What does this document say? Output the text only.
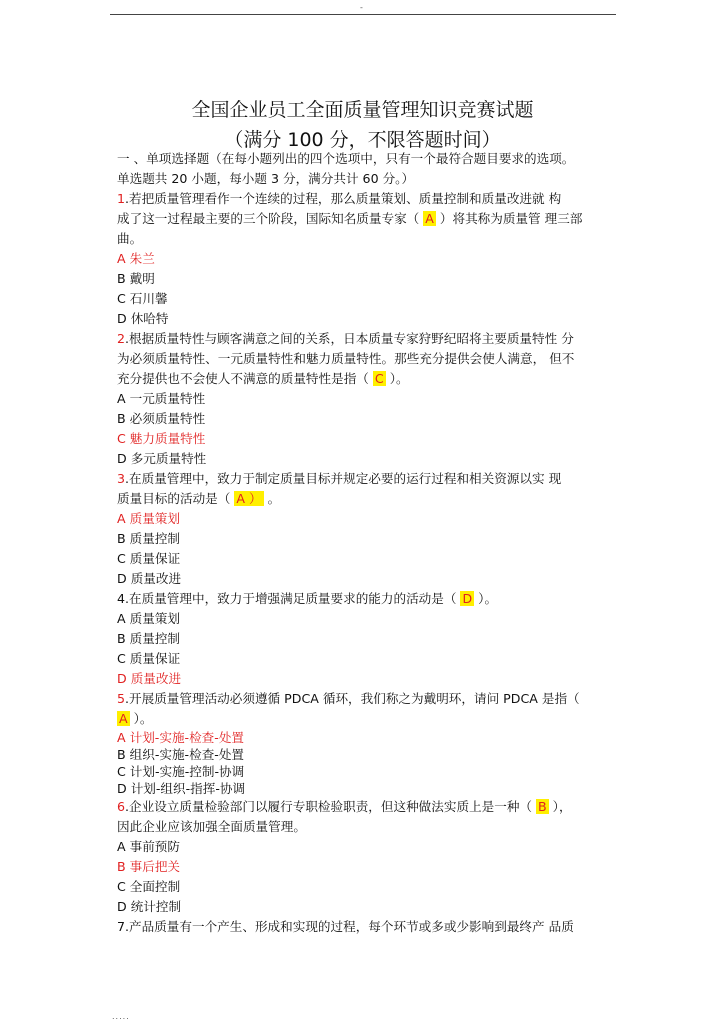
-
全国企业员工全面质量管理知识竞赛试题
（满分 100 分，不限答题时间）
一 、单项选择题（在每小题列出的四个选项中，只有一个最符合题目要求的选项。
单选题共 20 小题，每小题 3 分，满分共计 60 分。）
1.若把质量管理看作一个连续的过程，那么质量策划、质量控制和质量改进就 构
成了这一过程最主要的三个阶段，国际知名质量专家（ A ）将其称为质量管 理三部
曲。
A 朱兰
B 戴明
C 石川馨
D 休哈特
2.根据质量特性与顾客满意之间的关系，日本质量专家狩野纪昭将主要质量特性 分
为必须质量特性、一元质量特性和魅力质量特性。那些充分提供会使人满意， 但不
充分提供也不会使人不满意的质量特性是指（ C ）。
A 一元质量特性
B 必须质量特性
C 魅力质量特性
D 多元质量特性
3.在质量管理中，致力于制定质量目标并规定必要的运行过程和相关资源以实 现
质量目标的活动是（ A ） 。
A 质量策划
B 质量控制
C 质量保证
D 质量改进
4.在质量管理中，致力于增强满足质量要求的能力的活动是（ D ）。
A 质量策划
B 质量控制
C 质量保证
D 质量改进
5.开展质量管理活动必须遵循 PDCA 循环，我们称之为戴明环，请问 PDCA 是指（
A ）。
A 计划-实施-检查-处置
B 组织-实施-检查-处置
C 计划-实施-控制-协调
D 计划-组织-指挥-协调
6.企业设立质量检验部门以履行专职检验职责，但这种做法实质上是一种（ B ），
因此企业应该加强全面质量管理。
A 事前预防
B 事后把关
C 全面控制
D 统计控制
7.产品质量有一个产生、形成和实现的过程，每个环节或多或少影响到最终产 品质
.....
